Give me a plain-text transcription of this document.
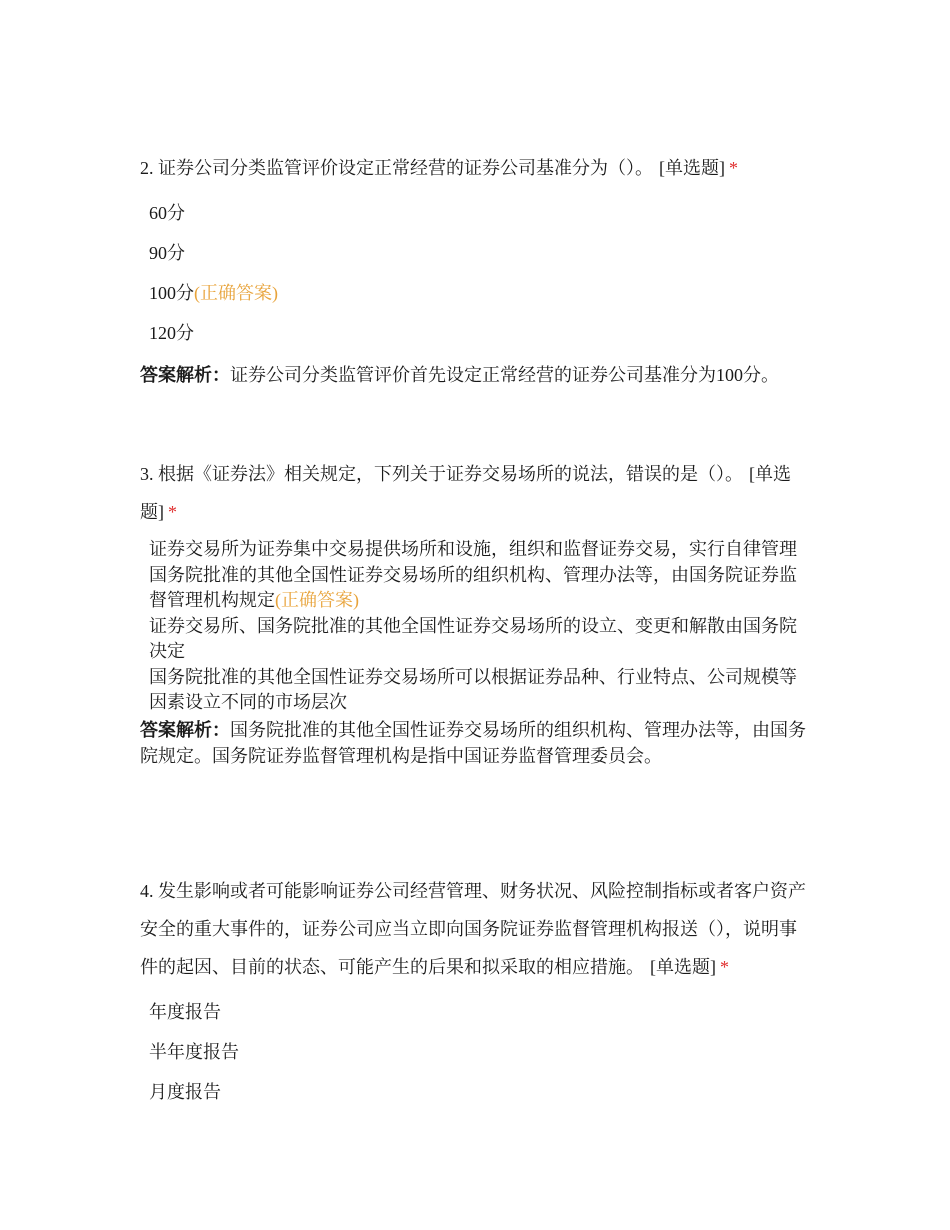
2. 证券公司分类监管评价设定正常经营的证券公司基准分为（）。 [单选题] *

60分
90分
100分(正确答案)
120分

答案解析：证券公司分类监管评价首先设定正常经营的证券公司基准分为100分。

3. 根据《证券法》相关规定，下列关于证券交易场所的说法，错误的是（）。 [单选题] *

证券交易所为证券集中交易提供场所和设施，组织和监督证券交易，实行自律管理
国务院批准的其他全国性证券交易场所的组织机构、管理办法等，由国务院证券监督管理机构规定(正确答案)
证券交易所、国务院批准的其他全国性证券交易场所的设立、变更和解散由国务院决定
国务院批准的其他全国性证券交易场所可以根据证券品种、行业特点、公司规模等因素设立不同的市场层次

答案解析：国务院批准的其他全国性证券交易场所的组织机构、管理办法等，由国务院规定。国务院证券监督管理机构是指中国证券监督管理委员会。

4. 发生影响或者可能影响证券公司经营管理、财务状况、风险控制指标或者客户资产安全的重大事件的，证券公司应当立即向国务院证券监督管理机构报送（），说明事件的起因、目前的状态、可能产生的后果和拟采取的相应措施。 [单选题] *

年度报告
半年度报告
月度报告
